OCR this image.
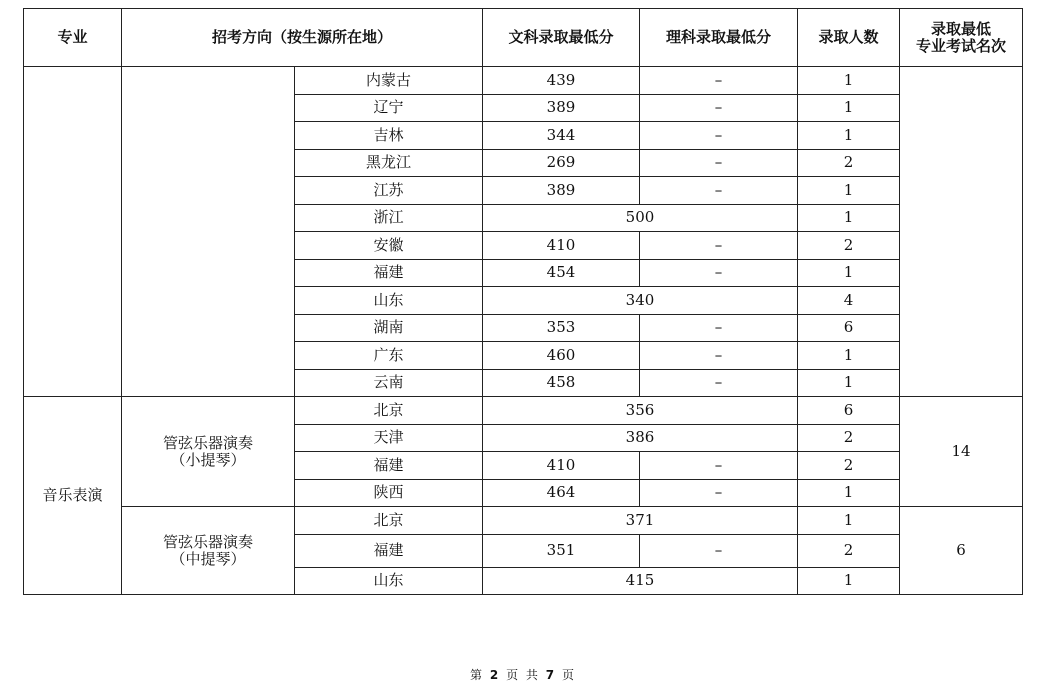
专业	招考方向（按生源所在地）		文科录取最低分	理科录取最低分	录取人数	录取最低
专业考试名次

		内蒙古	439	–	1	
		辽宁	389	–	1	
		吉林	344	–	1	
		黑龙江	269	–	2	
		江苏	389	–	1	
		浙江	500		1	
		安徽	410	–	2	
		福建	454	–	1	
		山东	340		4	
		湖南	353	–	6	
		广东	460	–	1	
		云南	458	–	1	
音乐表演	管弦乐器演奏
（小提琴）	北京	356		6	14
		天津	386		2	
		福建	410	–	2	
		陕西	464	–	1	

	管弦乐器演奏
（中提琴）	北京	371		1	6
		福建	351	–	2	
		山东	415		1	
第 2 页 共 7 页
